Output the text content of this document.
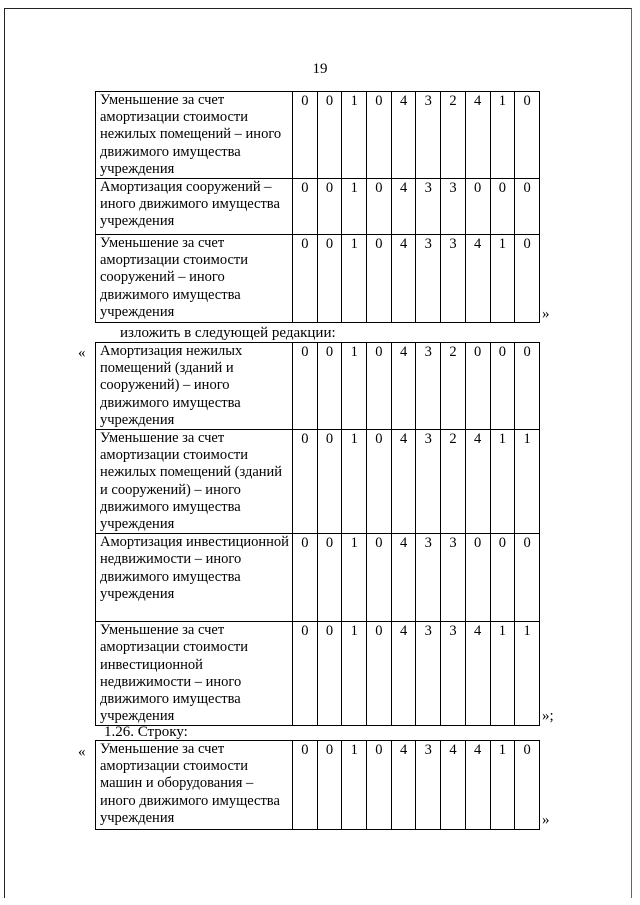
19
Уменьшение за счет амортизации стоимости нежилых помещений – иного движимого имущества учреждения	0	0	1	0	4	3	2	4	1	0
Амортизация сооружений – иного движимого имущества учреждения	0	0	1	0	4	3	3	0	0	0
Уменьшение за счет амортизации стоимости сооружений – иного движимого имущества учреждения	0	0	1	0	4	3	3	4	1	0
»
изложить в следующей редакции:
« Амортизация нежилых помещений (зданий и сооружений) – иного движимого имущества учреждения	0	0	1	0	4	3	2	0	0	0
Уменьшение за счет амортизации стоимости нежилых помещений (зданий и сооружений) – иного движимого имущества учреждения	0	0	1	0	4	3	2	4	1	1
Амортизация инвестиционной недвижимости – иного движимого имущества учреждения	0	0	1	0	4	3	3	0	0	0
Уменьшение за счет амортизации стоимости инвестиционной недвижимости – иного движимого имущества учреждения	0	0	1	0	4	3	3	4	1	1
»;
1.26. Строку:
« Уменьшение за счет амортизации стоимости машин и оборудования – иного движимого имущества учреждения	0	0	1	0	4	3	4	4	1	0
»
